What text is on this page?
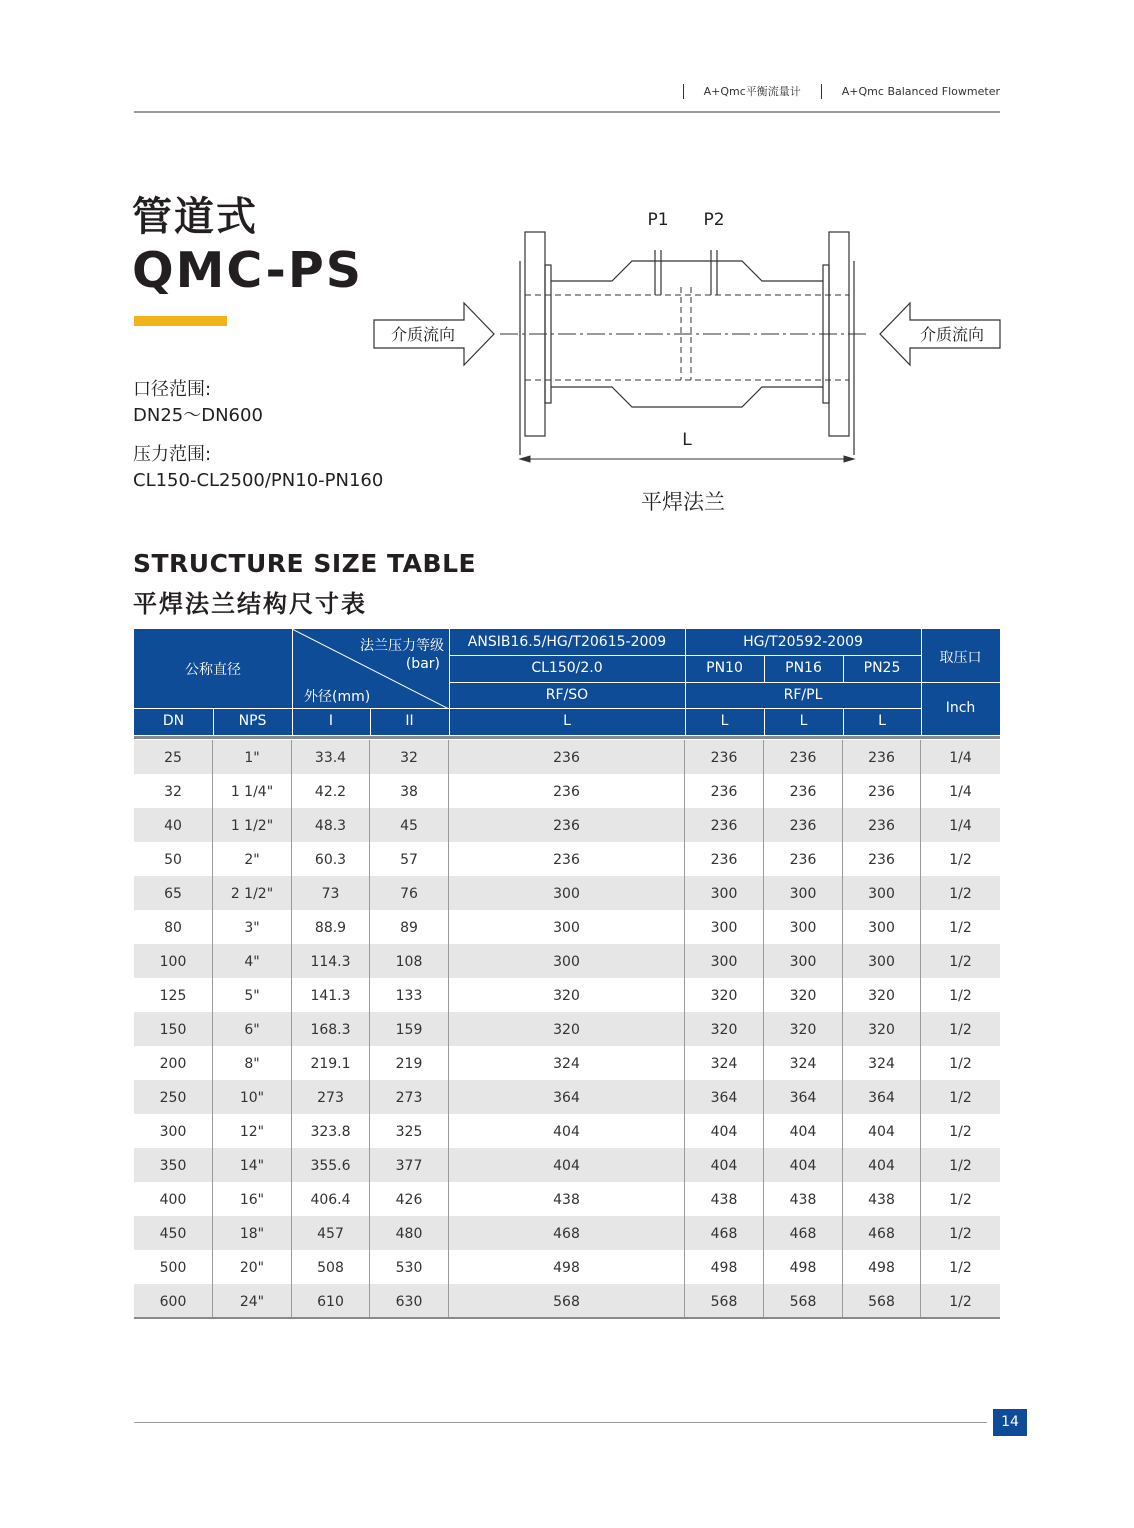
A+Qmc平衡流量计	A+Qmc Balanced Flowmeter
管道式
QMC-PS
口径范围:
DN25～DN600
压力范围:
CL150-CL2500/PN10-PN160
P1 P2
介质流向	介质流向
L
平焊法兰
STRUCTURE SIZE TABLE
平焊法兰结构尺寸表
公称直径
法兰压力等级
(bar)
外径(mm)
ANSIB16.5/HG/T20615-2009
CL150/2.0
RF/SO
HG/T20592-2009
PN10	PN16	PN25
RF/PL
取压口
Inch
DN	NPS	I	II	L	L	L	L
25	1"	33.4	32	236	236	236	236	1/4
32	1 1/4"	42.2	38	236	236	236	236	1/4
40	1 1/2"	48.3	45	236	236	236	236	1/4
50	2"	60.3	57	236	236	236	236	1/2
65	2 1/2"	73	76	300	300	300	300	1/2
80	3"	88.9	89	300	300	300	300	1/2
100	4"	114.3	108	300	300	300	300	1/2
125	5"	141.3	133	320	320	320	320	1/2
150	6"	168.3	159	320	320	320	320	1/2
200	8"	219.1	219	324	324	324	324	1/2
250	10"	273	273	364	364	364	364	1/2
300	12"	323.8	325	404	404	404	404	1/2
350	14"	355.6	377	404	404	404	404	1/2
400	16"	406.4	426	438	438	438	438	1/2
450	18"	457	480	468	468	468	468	1/2
500	20"	508	530	498	498	498	498	1/2
600	24"	610	630	568	568	568	568	1/2
14
